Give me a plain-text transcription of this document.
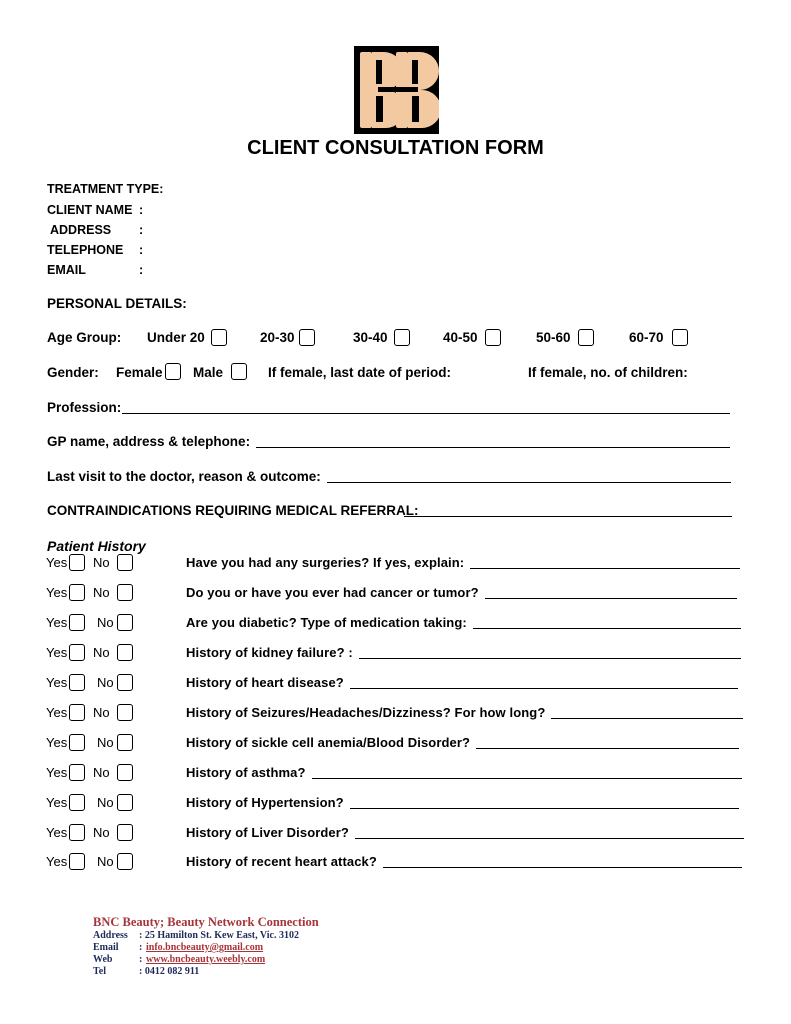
CLIENT CONSULTATION FORM
TREATMENT TYPE:
CLIENT NAME :
ADDRESS :
TELEPHONE :
EMAIL	:
PERSONAL DETAILS:
Age Group: Under 20	20-30	30-40	40-50	50-60	60-70
Gender: Female Male	If female, last date of period:	If female, no. of children:
Profession:
GP name, address & telephone:
Last visit to the doctor, reason & outcome:
CONTRAINDICATIONS REQUIRING MEDICAL REFERRAL:
Patient History
Yes No	Have you had any surgeries? If yes, explain:
Yes No	Do you or have you ever had cancer or tumor?
Yes No	Are you diabetic? Type of medication taking:
Yes No	History of kidney failure? :
Yes No	History of heart disease?
Yes No	History of Seizures/Headaches/Dizziness? For how long?
Yes No	History of sickle cell anemia/Blood Disorder?
Yes No	History of asthma?
Yes No	History of Hypertension?
Yes No	History of Liver Disorder?
Yes No	History of recent heart attack?
BNC Beauty; Beauty Network Connection
Address : 25 Hamilton St. Kew East, Vic. 3102
Email : info.bncbeauty@gmail.com
Web	: www.bncbeauty.weebly.com
Tel	: 0412 082 911
